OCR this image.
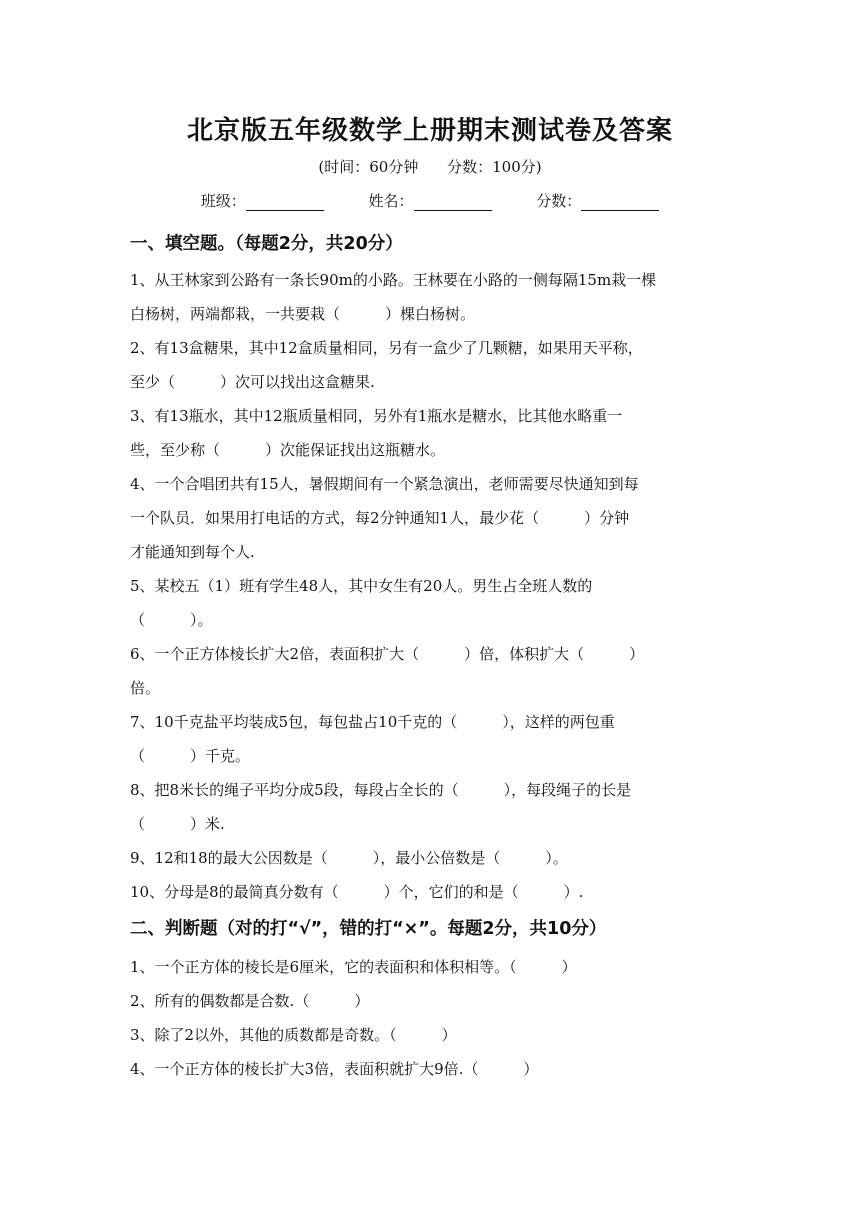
北京版五年级数学上册期末测试卷及答案
(时间：60分钟 分数：100分)
班级：	姓名：	分数：
一、填空题。（每题2分，共20分）
1、从王林家到公路有一条长90m的小路。王林要在小路的一侧每隔15m栽一棵
白杨树，两端都栽，一共要栽（　　　）棵白杨树。
2、有13盒糖果，其中12盒质量相同，另有一盒少了几颗糖，如果用天平称，
至少（　　　）次可以找出这盒糖果.
3、有13瓶水，其中12瓶质量相同，另外有1瓶水是糖水，比其他水略重一
些，至少称（　　　）次能保证找出这瓶糖水。
4、一个合唱团共有15人，暑假期间有一个紧急演出，老师需要尽快通知到每
一个队员．如果用打电话的方式，每2分钟通知1人，最少花（　　　）分钟
才能通知到每个人.
5、某校五（1）班有学生48人，其中女生有20人。男生占全班人数的
（　　　）。
6、一个正方体棱长扩大2倍，表面积扩大（　　　）倍，体积扩大（　　　）
倍。
7、10千克盐平均装成5包，每包盐占10千克的（　　　），这样的两包重
（　　　）千克。
8、把8米长的绳子平均分成5段，每段占全长的（　　　），每段绳子的长是
（　　　）米.
9、12和18的最大公因数是（　　　），最小公倍数是（　　　）。
10、分母是8的最简真分数有（　　　）个，它们的和是（　　　）.
二、判断题（对的打“√”，错的打“×”。每题2分，共10分）
1、一个正方体的棱长是6厘米，它的表面积和体积相等。（　　　）
2、所有的偶数都是合数.（　　　）
3、除了2以外，其他的质数都是奇数。（　　　）
4、一个正方体的棱长扩大3倍，表面积就扩大9倍.（　　　）
